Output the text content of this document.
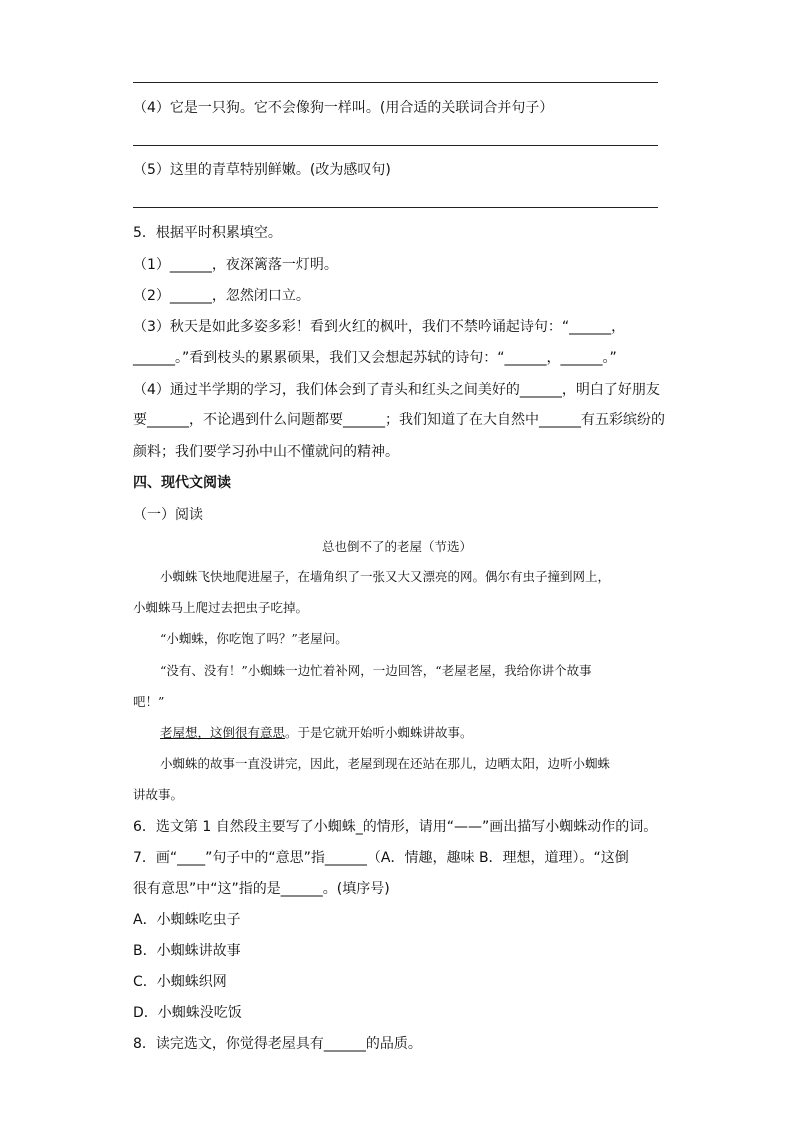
（4）它是一只狗。它不会像狗一样叫。(用合适的关联词合并句子）
（5）这里的青草特别鲜嫩。(改为感叹句)
5．根据平时积累填空。
（1）______，夜深篱落一灯明。
（2）______，忽然闭口立。
（3）秋天是如此多姿多彩！看到火红的枫叶，我们不禁吟诵起诗句：“______，
______。”看到枝头的累累硕果，我们又会想起苏轼的诗句：“______，______。”
（4）通过半学期的学习，我们体会到了青头和红头之间美好的______，明白了好朋友
要______，不论遇到什么问题都要______；我们知道了在大自然中______有五彩缤纷的
颜料；我们要学习孙中山不懂就问的精神。
四、现代文阅读
（一）阅读
总也倒不了的老屋（节选）
小蜘蛛飞快地爬进屋子，在墙角织了一张又大又漂亮的网。偶尔有虫子撞到网上，
小蜘蛛马上爬过去把虫子吃掉。
“小蜘蛛，你吃饱了吗？”老屋问。
“没有、没有！”小蜘蛛一边忙着补网，一边回答，“老屋老屋，我给你讲个故事
吧！”
老屋想，这倒很有意思。于是它就开始听小蜘蛛讲故事。
小蜘蛛的故事一直没讲完，因此，老屋到现在还站在那儿，边晒太阳，边听小蜘蛛
讲故事。
6．选文第 1 自然段主要写了小蜘蛛_的情形，请用“——”画出描写小蜘蛛动作的词。
7．画“____”句子中的“意思”指______（A．情趣，趣味 B．理想，道理）。“这倒
很有意思”中“这”指的是______。(填序号)
A．小蜘蛛吃虫子
B．小蜘蛛讲故事
C．小蜘蛛织网
D．小蜘蛛没吃饭
8．读完选文，你觉得老屋具有______的品质。
